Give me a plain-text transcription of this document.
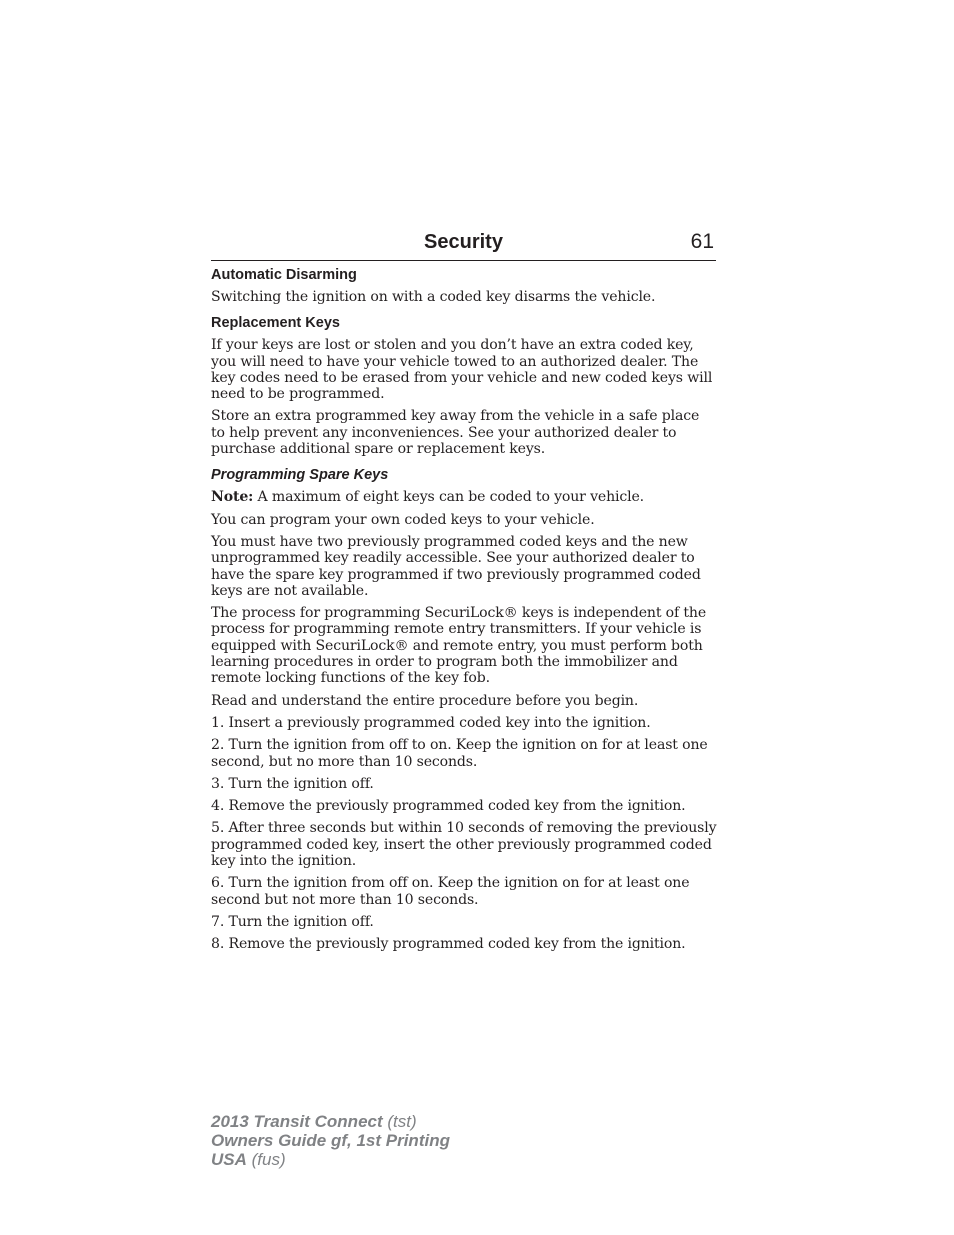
Security	61
Automatic Disarming

Switching the ignition on with a coded key disarms the vehicle.

Replacement Keys

If your keys are lost or stolen and you don’t have an extra coded key, you will need to have your vehicle towed to an authorized dealer. The key codes need to be erased from your vehicle and new coded keys will need to be programmed.

Store an extra programmed key away from the vehicle in a safe place to help prevent any inconveniences. See your authorized dealer to purchase additional spare or replacement keys.

Programming Spare Keys

Note: A maximum of eight keys can be coded to your vehicle.

You can program your own coded keys to your vehicle.

You must have two previously programmed coded keys and the new unprogrammed key readily accessible. See your authorized dealer to have the spare key programmed if two previously programmed coded keys are not available.

The process for programming SecuriLock® keys is independent of the process for programming remote entry transmitters. If your vehicle is equipped with SecuriLock® and remote entry, you must perform both learning procedures in order to program both the immobilizer and remote locking functions of the key fob.

Read and understand the entire procedure before you begin.

1. Insert a previously programmed coded key into the ignition.

2. Turn the ignition from off to on. Keep the ignition on for at least one second, but no more than 10 seconds.

3. Turn the ignition off.

4. Remove the previously programmed coded key from the ignition.

5. After three seconds but within 10 seconds of removing the previously programmed coded key, insert the other previously programmed coded key into the ignition.

6. Turn the ignition from off on. Keep the ignition on for at least one second but not more than 10 seconds.

7. Turn the ignition off.

8. Remove the previously programmed coded key from the ignition.

2013 Transit Connect (tst)
Owners Guide gf, 1st Printing
USA (fus)
